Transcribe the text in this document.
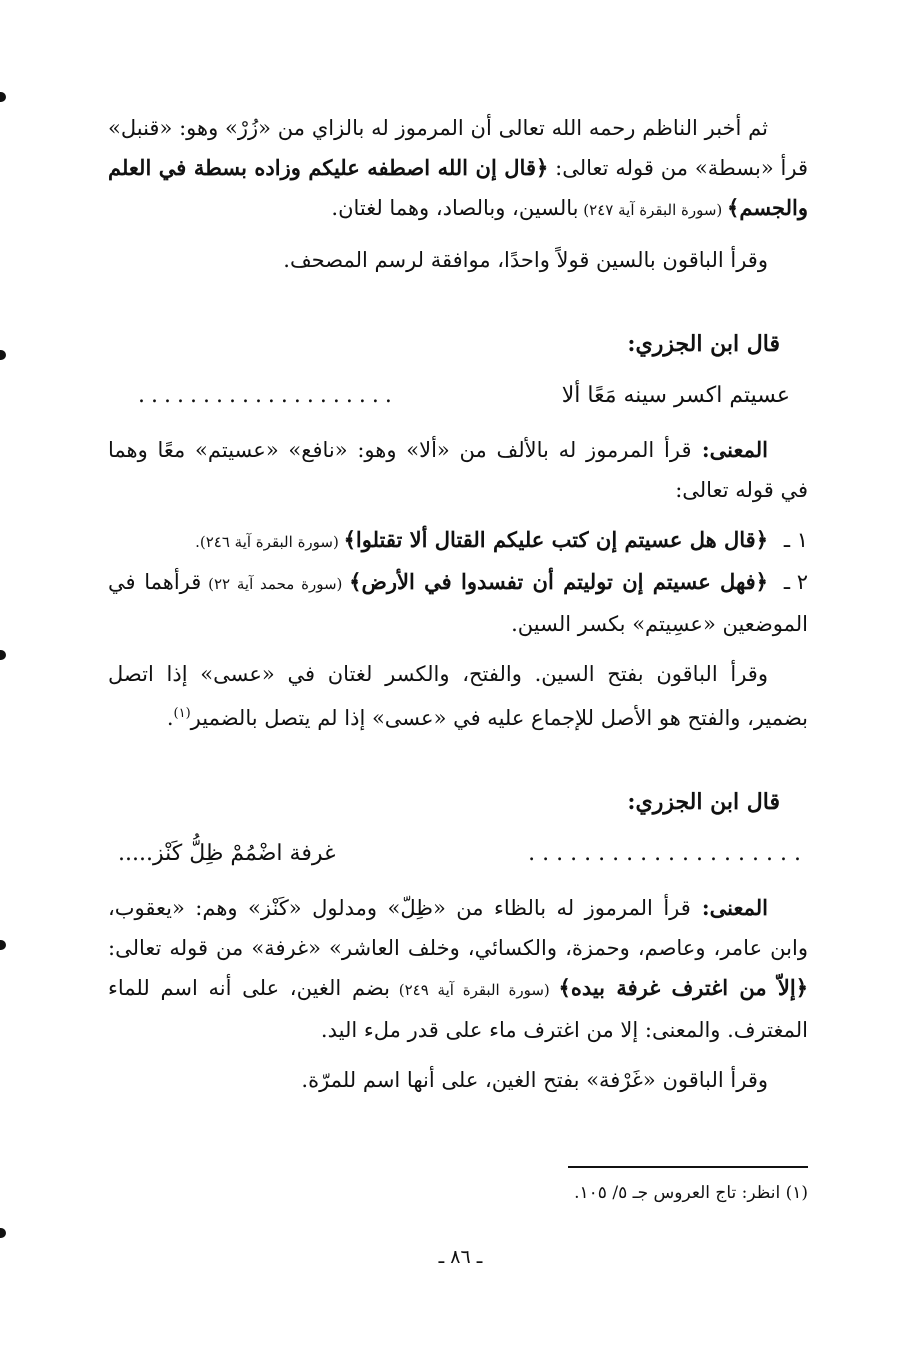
ثم أخبر الناظم رحمه الله تعالى أن المرموز له بالزاي من «زُرْ» وهو: «قنبل» قرأ «بسطة» من قوله تعالى: ﴿قال إن الله اصطفه عليكم وزاده بسطة في العلم والجسم﴾ (سورة البقرة آية ٢٤٧) بالسين، وبالصاد، وهما لغتان.

وقرأ الباقون بالسين قولاً واحدًا، موافقة لرسم المصحف.

قال ابن الجزري:

عسيتم اكسر سينه مَعًا ألا
....................

المعنى: قرأ المرموز له بالألف من «ألا» وهو: «نافع» «عسيتم» معًا وهما في قوله تعالى:

١ ـ﴿قال هل عسيتم إن كتب عليكم القتال ألا تقتلوا﴾ (سورة البقرة آية ٢٤٦).

٢ ـ﴿فهل عسيتم إن توليتم أن تفسدوا في الأرض﴾ (سورة محمد آية ٢٢) قرأهما في الموضعين «عسِيتم» بكسر السين.

وقرأ الباقون بفتح السين. والفتح، والكسر لغتان في «عسى» إذا اتصل بضمير، والفتح هو الأصل للإجماع عليه في «عسى» إذا لم يتصل بالضمير$^{(١)}$.

قال ابن الجزري:

....................
غرفة اضْمُمْ ظِلُّ كَنْز.....

المعنى: قرأ المرموز له بالظاء من «ظِلّ» ومدلول «كَنْز» وهم: «يعقوب، وابن عامر، وعاصم، وحمزة، والكسائي، وخلف العاشر» «غرفة» من قوله تعالى: ﴿إلاّ من اغترف غرفة بيده﴾ (سورة البقرة آية ٢٤٩) بضم الغين، على أنه اسم للماء المغترف. والمعنى: إلا من اغترف ماء على قدر ملء اليد.

وقرأ الباقون «غَرْفة» بفتح الغين، على أنها اسم للمرّة.

(١) انظر: تاج العروس جـ ٥/ ١٠٥.
ـ ٨٦ ـ
